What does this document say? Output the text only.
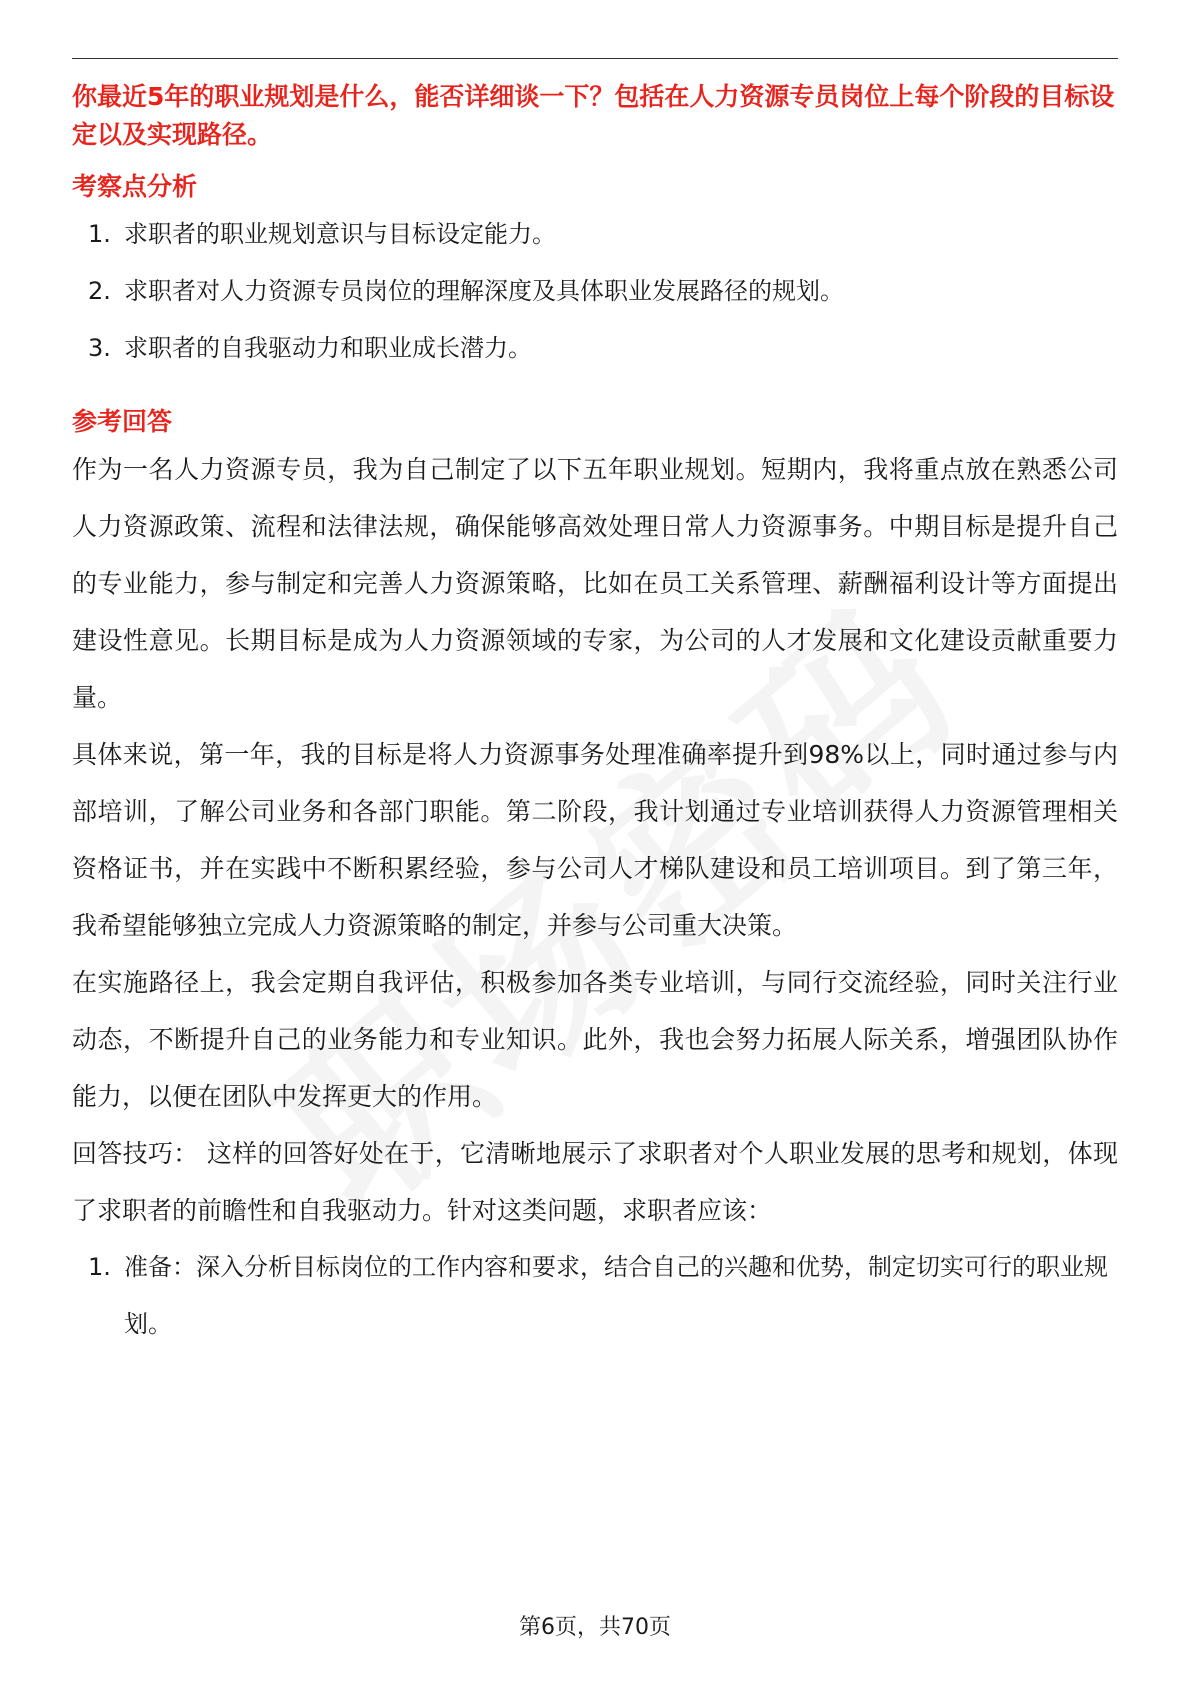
你最近5年的职业规划是什么，能否详细谈一下？包括在人力资源专员岗位上每个阶段的目标设定以及实现路径。

考察点分析
1. 求职者的职业规划意识与目标设定能力。
2. 求职者对人力资源专员岗位的理解深度及具体职业发展路径的规划。
3. 求职者的自我驱动力和职业成长潜力。
参考回答

作为一名人力资源专员，我为自己制定了以下五年职业规划。短期内，我将重点放在熟悉公司人力资源政策、流程和法律法规，确保能够高效处理日常人力资源事务。中期目标是提升自己的专业能力，参与制定和完善人力资源策略，比如在员工关系管理、薪酬福利设计等方面提出建设性意见。长期目标是成为人力资源领域的专家，为公司的人才发展和文化建设贡献重要力量。

具体来说，第一年，我的目标是将人力资源事务处理准确率提升到98%以上，同时通过参与内部培训，了解公司业务和各部门职能。第二阶段，我计划通过专业培训获得人力资源管理相关资格证书，并在实践中不断积累经验，参与公司人才梯队建设和员工培训项目。到了第三年，我希望能够独立完成人力资源策略的制定，并参与公司重大决策。

在实施路径上，我会定期自我评估，积极参加各类专业培训，与同行交流经验，同时关注行业动态，不断提升自己的业务能力和专业知识。此外，我也会努力拓展人际关系，增强团队协作能力，以便在团队中发挥更大的作用。

回答技巧： 这样的回答好处在于，它清晰地展示了求职者对个人职业发展的思考和规划，体现了求职者的前瞻性和自我驱动力。针对这类问题，求职者应该：

1. 准备：深入分析目标岗位的工作内容和要求，结合自己的兴趣和优势，制定切实可行的职业规划。
第6页，共70页
